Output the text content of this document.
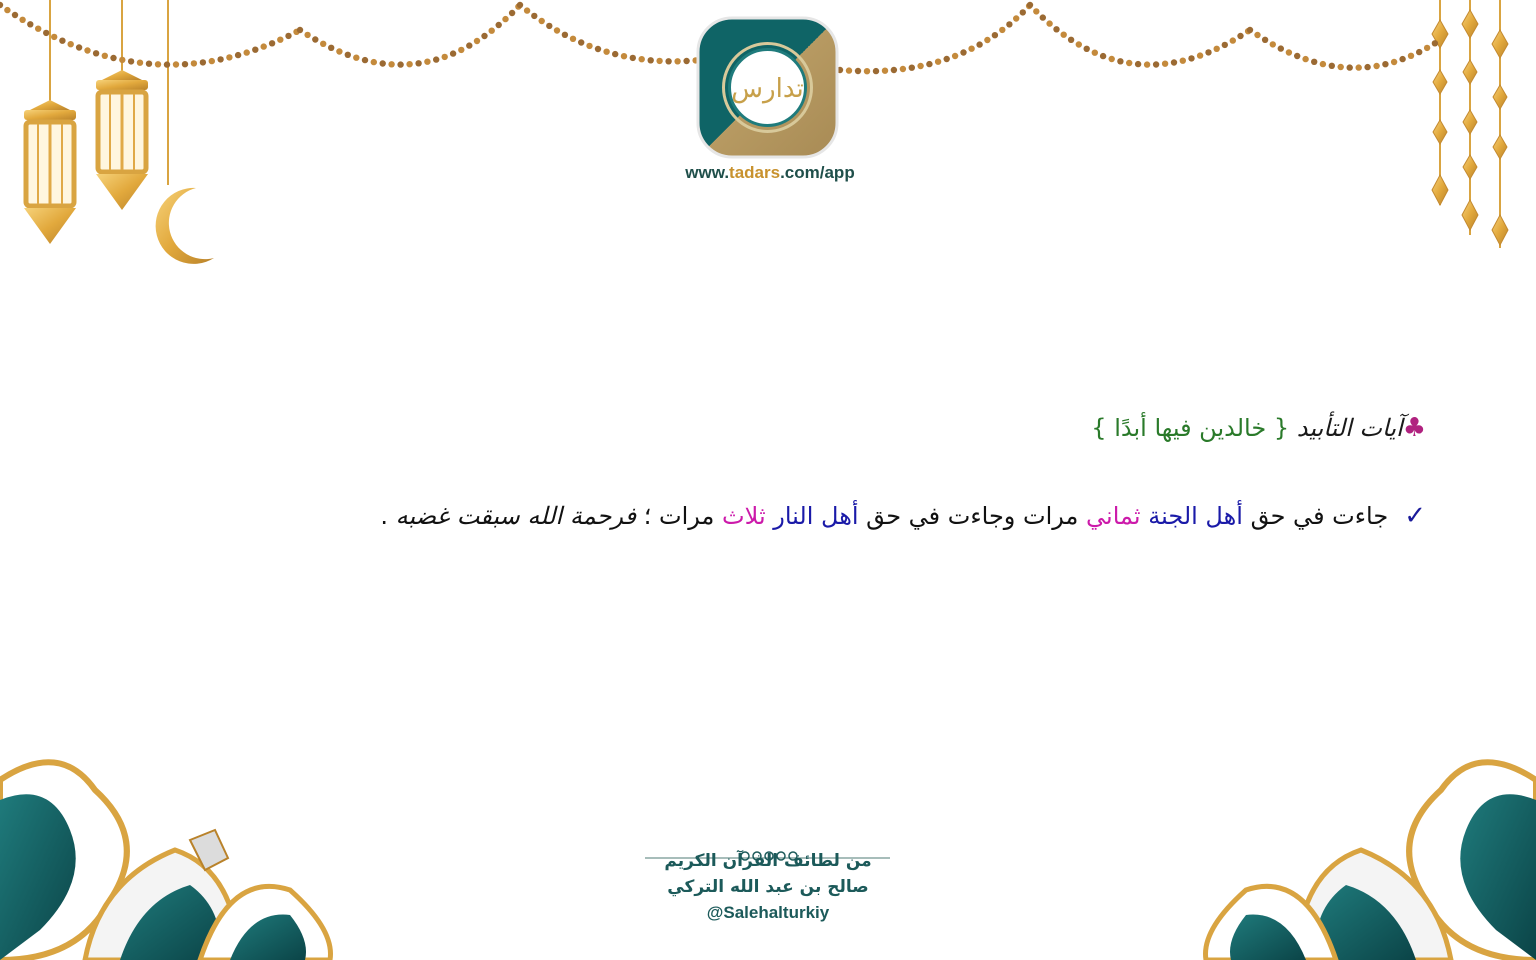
تدارس
www.tadars.com/app
♣آيات التأبيد { خالدين فيها أبدًا }
✓جاءت في حق أهل الجنة ثماني مرات وجاءت في حق أهل النار ثلاث مرات ؛ فرحمة الله سبقت غضبه .
من لطائف القرآن الكريم
صالح بن عبد الله التركي
@Salehalturkiy
